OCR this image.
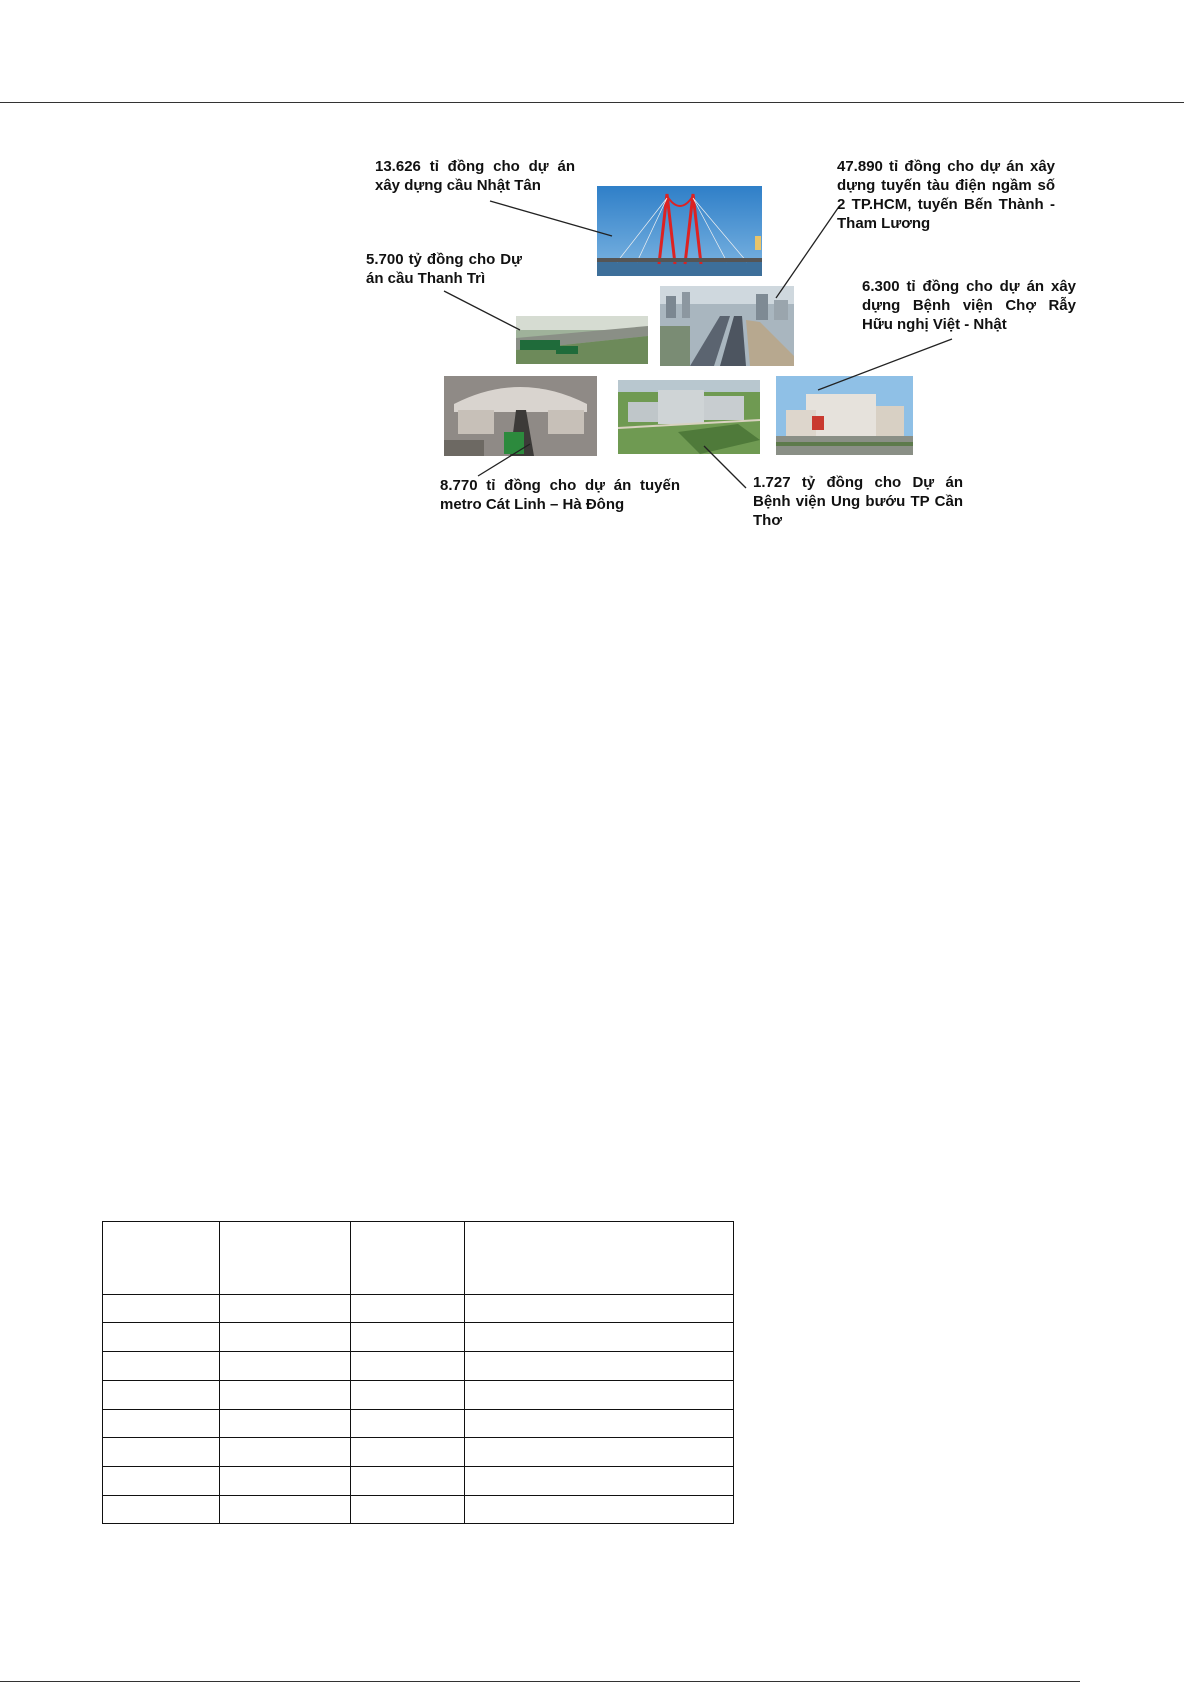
13.626 tỉ đồng cho dự án xây dựng cầu Nhật Tân
47.890 tỉ đồng cho dự án xây dựng tuyến tàu điện ngầm số 2 TP.HCM, tuyến Bến Thành - Tham Lương
5.700 tỷ đồng cho Dự án cầu Thanh Trì	6.300 tỉ đồng cho dự án xây dựng Bệnh viện Chợ Rẫy Hữu nghị Việt - Nhật
8.770 tỉ đồng cho dự án tuyến metro Cát Linh – Hà Đông
1.727 tỷ đồng cho Dự án Bệnh viện Ung bướu TP Cần Thơ
